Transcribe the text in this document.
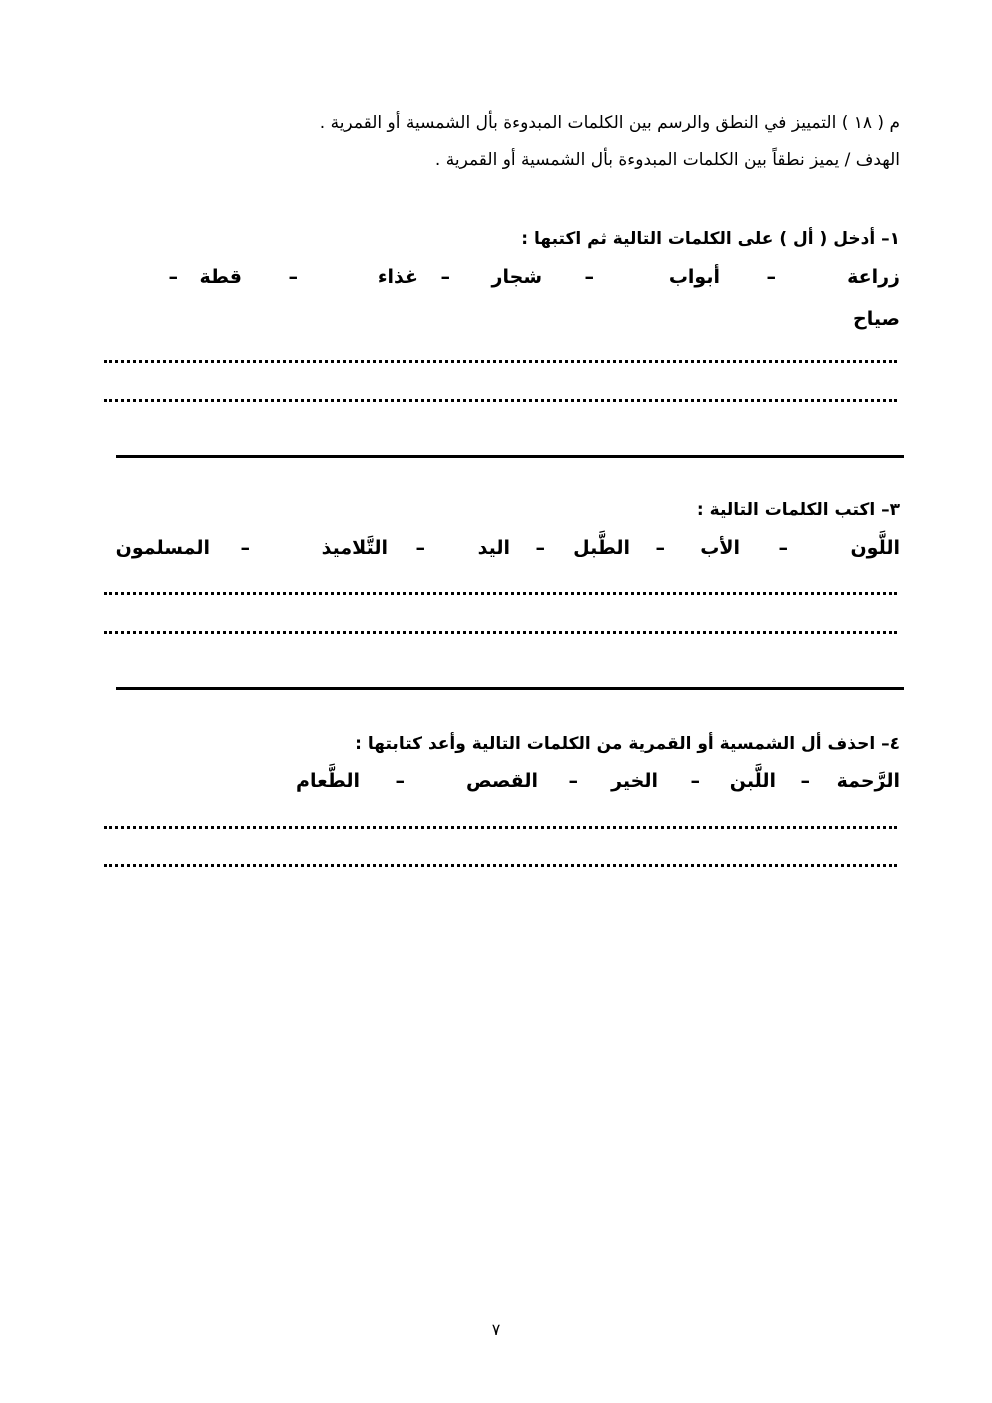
م ( ١٨ ) التمييز في النطق والرسم بين الكلمات المبدوءة بأل الشمسية أو القمرية .
الهدف / يميز نطقاً بين الكلمات المبدوءة بأل الشمسية أو القمرية .
١– أدخل ( أل ) على الكلمات التالية ثم اكتبها :
زراعة
–
أبواب
–
شجار
–
غذاء
–
قطة
–
صياح
٣– اكتب الكلمات التالية :
اللَّون
–
الأب
–
الطَّبل
–
اليد
–
التَّلاميذ
–
المسلمون
٤– احذف أل الشمسية أو القمرية من الكلمات التالية وأعد كتابتها :
الرَّحمة
–
اللَّبن
–
الخير
–
القصص
–
الطَّعام
٧
